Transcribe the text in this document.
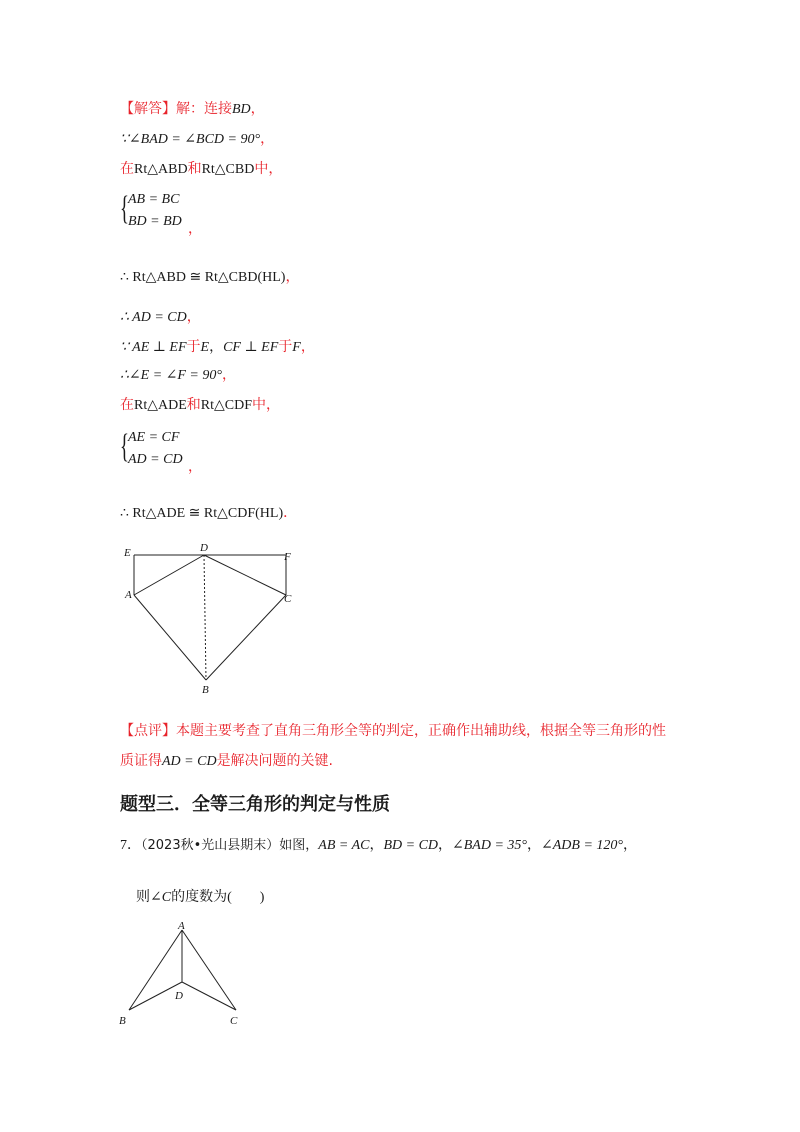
【解答】解：连接BD，
∵∠BAD = ∠BCD = 90°，
在Rt△ABD和Rt△CBD中，
{ AB = BC
BD = BD ，
∴ Rt△ABD ≅ Rt△CBD(HL)，
∴ AD = CD，
∵ AE ⊥ EF于E，CF ⊥ EF于F，
∴∠E = ∠F = 90°，
在Rt△ADE和Rt△CDF中，
{ AE = CF
AD = CD ，
∴ Rt△ADE ≅ Rt△CDF(HL)．
E	D
F
A	C
B
【点评】本题主要考查了直角三角形全等的判定，正确作出辅助线，根据全等三角形的性
质证得AD = CD是解决问题的关键.
题型三．全等三角形的判定与性质
7．（2023秋•光山县期末）如图，AB = AC，BD = CD，∠BAD = 35°，∠ADB = 120°，
则∠C的度数为(　　)
A
D
B	C
